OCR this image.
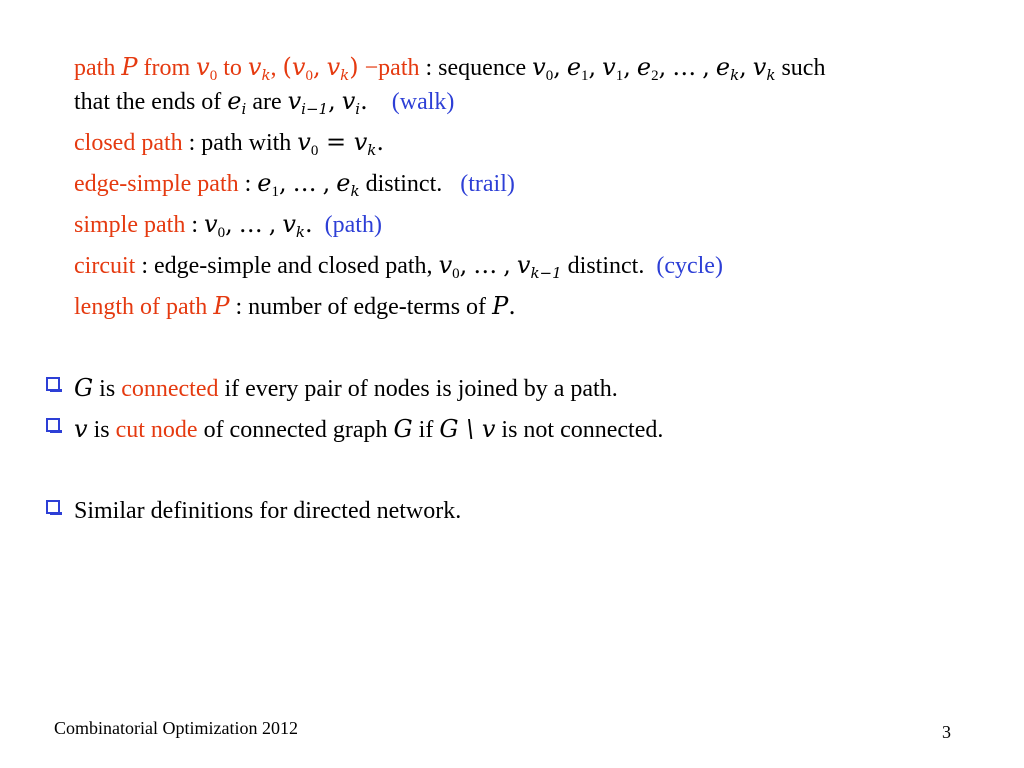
path P from $v_0$ to $v_k$, ($v_0$, $v_k$) −path : sequence $v_0$, $e_1$, $v_1$, $e_2$, … , $e_k$, $v_k$ such
that the ends of $e_i$ are $v_{i-1}$, $v_i$. (walk)
closed path : path with $v_0 = v_k$.
edge-simple path : $e_1$, … , $e_k$ distinct. (trail)
simple path : $v_0$, … , $v_k$. (path)
circuit : edge-simple and closed path, $v_0$, … , $v_{k-1}$ distinct. (cycle)
length of path P : number of edge-terms of P.
G is connected if every pair of nodes is joined by a path.
v is cut node of connected graph G if G \ v is not connected.
Similar definitions for directed network.
Combinatorial Optimization 2012	3
